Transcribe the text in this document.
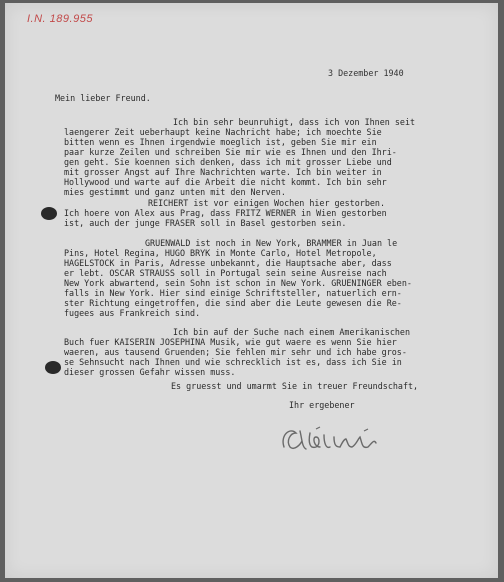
I.N. 189.955
3 Dezember 1940
Mein lieber Freund.
Ich bin sehr beunruhigt, dass ich von Ihnen seit
laengerer Zeit ueberhaupt keine Nachricht habe; ich moechte Sie
bitten wenn es Ihnen irgendwie moeglich ist, geben Sie mir ein
paar kurze Zeilen und schreiben Sie mir wie es Ihnen und den Ihri-
gen geht. Sie koennen sich denken, dass ich mit grosser Liebe und
mit grosser Angst auf Ihre Nachrichten warte. Ich bin weiter in
Hollywood und warte auf die Arbeit die nicht kommt. Ich bin sehr
mies gestimmt und ganz unten mit den Nerven.
REICHERT ist vor einigen Wochen hier gestorben.
Ich hoere von Alex aus Prag, dass FRITZ WERNER in Wien gestorben
ist, auch der junge FRASER soll in Basel gestorben sein.
GRUENWALD ist noch in New York, BRAMMER in Juan le
Pins, Hotel Regina, HUGO BRYK in Monte Carlo, Hotel Metropole,
HAGELSTOCK in Paris, Adresse unbekannt, die Hauptsache aber, dass
er lebt. OSCAR STRAUSS soll in Portugal sein seine Ausreise nach
New York abwartend, sein Sohn ist schon in New York. GRUENINGER eben-
falls in New York. Hier sind einige Schriftsteller, natuerlich ern-
ster Richtung eingetroffen, die sind aber die Leute gewesen die Re-
fugees aus Frankreich sind.
Ich bin auf der Suche nach einem Amerikanischen
Buch fuer KAISERIN JOSEPHINA Musik, wie gut waere es wenn Sie hier
waeren, aus tausend Gruenden; Sie fehlen mir sehr und ich habe gros-
se Sehnsucht nach Ihnen und wie schrecklich ist es, dass ich Sie in
dieser grossen Gefahr wissen muss.
Es gruesst und umarmt Sie in treuer Freundschaft,
Ihr ergebener
